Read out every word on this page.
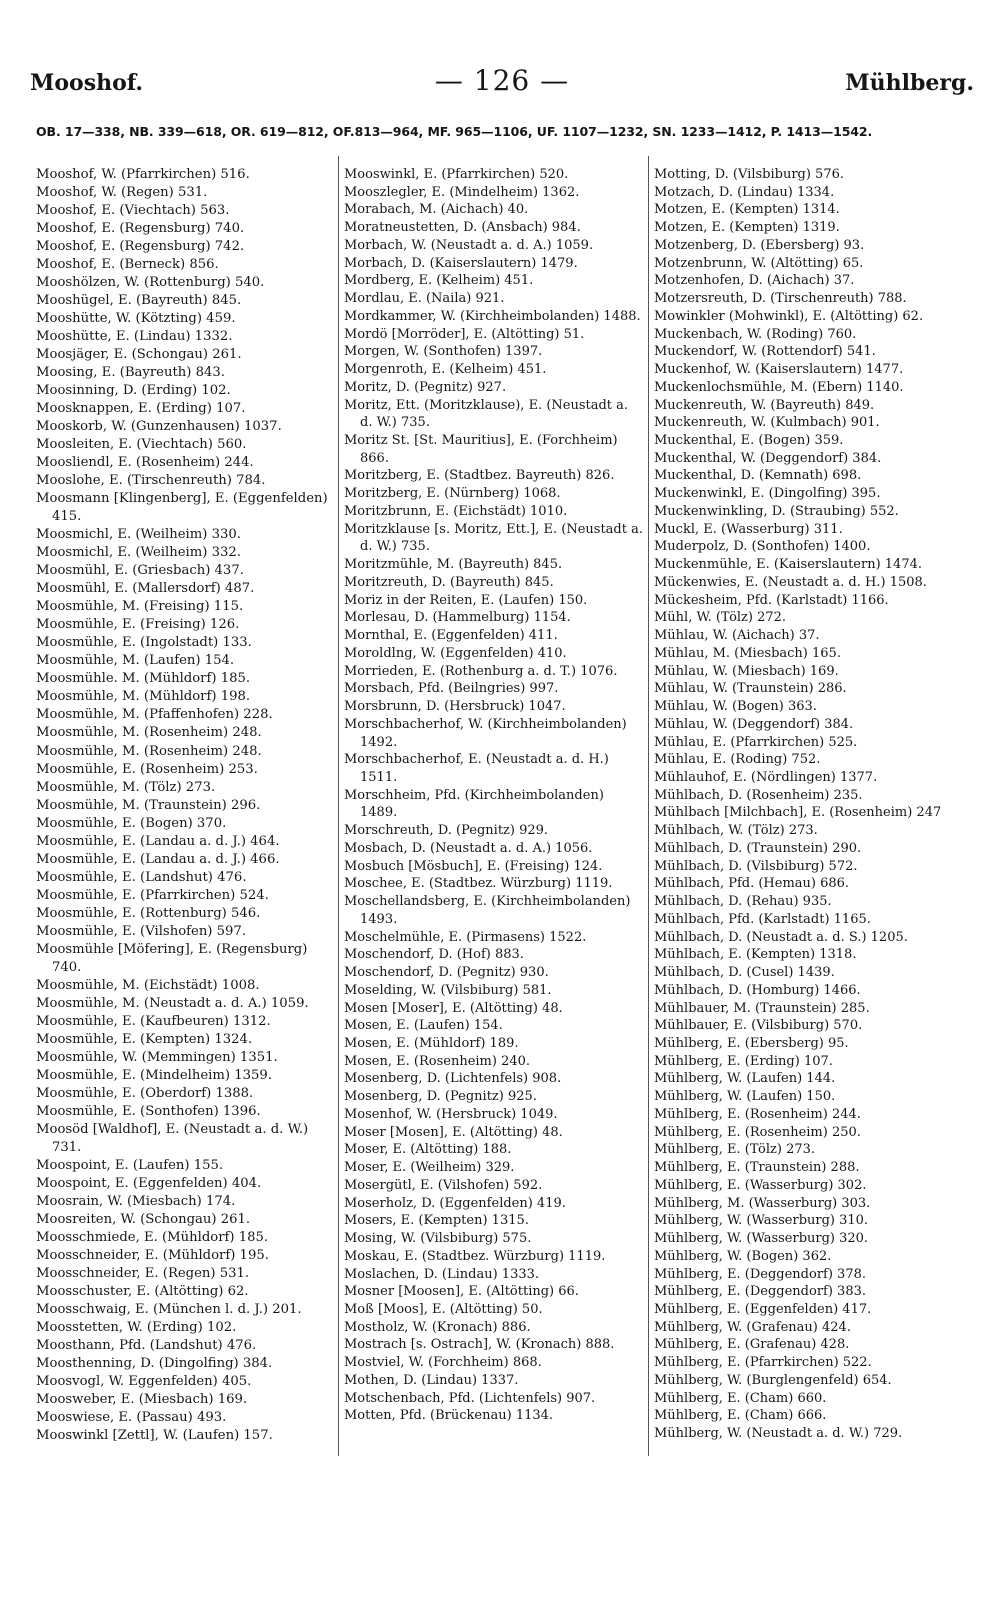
Mooshof.	— 126 —	Mühlberg.
OB. 17—338, NB. 339—618, OR. 619—812, OF.813—964, MF. 965—1106, UF. 1107—1232, SN. 1233—1412, P. 1413—1542.
Mooshof, W. (Pfarrkirchen) 516.
Mooshof, W. (Regen) 531.
Mooshof, E. (Viechtach) 563.
Mooshof, E. (Regensburg) 740.
Mooshof, E. (Regensburg) 742.
Mooshof, E. (Berneck) 856.
Mooshölzen, W. (Rottenburg) 540.
Mooshügel, E. (Bayreuth) 845.
Mooshütte, W. (Kötzting) 459.
Mooshütte, E. (Lindau) 1332.
Moosjäger, E. (Schongau) 261.
Moosing, E. (Bayreuth) 843.
Moosinning, D. (Erding) 102.
Moosknappen, E. (Erding) 107.
Mooskorb, W. (Gunzenhausen) 1037.
Moosleiten, E. (Viechtach) 560.
Moosliendl, E. (Rosenheim) 244.
Mooslohe, E. (Tirschenreuth) 784.
Moosmann [Klingenberg], E. (Eggenfelden) 415.
Moosmichl, E. (Weilheim) 330.
Moosmichl, E. (Weilheim) 332.
Moosmühl, E. (Griesbach) 437.
Moosmühl, E. (Mallersdorf) 487.
Moosmühle, M. (Freising) 115.
Moosmühle, E. (Freising) 126.
Moosmühle, E. (Ingolstadt) 133.
Moosmühle, M. (Laufen) 154.
Moosmühle. M. (Mühldorf) 185.
Moosmühle, M. (Mühldorf) 198.
Moosmühle, M. (Pfaffenhofen) 228.
Moosmühle, M. (Rosenheim) 248.
Moosmühle, M. (Rosenheim) 248.
Moosmühle, E. (Rosenheim) 253.
Moosmühle, M. (Tölz) 273.
Moosmühle, M. (Traunstein) 296.
Moosmühle, E. (Bogen) 370.
Moosmühle, E. (Landau a. d. J.) 464.
Moosmühle, E. (Landau a. d. J.) 466.
Moosmühle, E. (Landshut) 476.
Moosmühle, E. (Pfarrkirchen) 524.
Moosmühle, E. (Rottenburg) 546.
Moosmühle, E. (Vilshofen) 597.
Moosmühle [Möfering], E. (Regensburg) 740.
Moosmühle, M. (Eichstädt) 1008.
Moosmühle, M. (Neustadt a. d. A.) 1059.
Moosmühle, E. (Kaufbeuren) 1312.
Moosmühle, E. (Kempten) 1324.
Moosmühle, W. (Memmingen) 1351.
Moosmühle, E. (Mindelheim) 1359.
Moosmühle, E. (Oberdorf) 1388.
Moosmühle, E. (Sonthofen) 1396.
Moosöd [Waldhof], E. (Neustadt a. d. W.) 731.
Moospoint, E. (Laufen) 155.
Moospoint, E. (Eggenfelden) 404.
Moosrain, W. (Miesbach) 174.
Moosreiten, W. (Schongau) 261.
Moosschmiede, E. (Mühldorf) 185.
Moosschneider, E. (Mühldorf) 195.
Moosschneider, E. (Regen) 531.
Moosschuster, E. (Altötting) 62.
Moosschwaig, E. (München l. d. J.) 201.
Moosstetten, W. (Erding) 102.
Moosthann, Pfd. (Landshut) 476.
Moosthenning, D. (Dingolfing) 384.
Moosvogl, W. Eggenfelden) 405.
Moosweber, E. (Miesbach) 169.
Mooswiese, E. (Passau) 493.
Mooswinkl [Zettl], W. (Laufen) 157.
Mooswinkl, E. (Pfarrkirchen) 520.
Mooszlegler, E. (Mindelheim) 1362.
Morabach, M. (Aichach) 40.
Moratneustetten, D. (Ansbach) 984.
Morbach, W. (Neustadt a. d. A.) 1059.
Morbach, D. (Kaiserslautern) 1479.
Mordberg, E. (Kelheim) 451.
Mordlau, E. (Naila) 921.
Mordkammer, W. (Kirchheimbolanden) 1488.
Mordö [Morröder], E. (Altötting) 51.
Morgen, W. (Sonthofen) 1397.
Morgenroth, E. (Kelheim) 451.
Moritz, D. (Pegnitz) 927.
Moritz, Ett. (Moritzklause), E. (Neustadt a. d. W.) 735.
Moritz St. [St. Mauritius], E. (Forchheim) 866.
Moritzberg, E. (Stadtbez. Bayreuth) 826.
Moritzberg, E. (Nürnberg) 1068.
Moritzbrunn, E. (Eichstädt) 1010.
Moritzklause [s. Moritz, Ett.], E. (Neustadt a. d. W.) 735.
Moritzmühle, M. (Bayreuth) 845.
Moritzreuth, D. (Bayreuth) 845.
Moriz in der Reiten, E. (Laufen) 150.
Morlesau, D. (Hammelburg) 1154.
Mornthal, E. (Eggenfelden) 411.
Moroldlng, W. (Eggenfelden) 410.
Morrieden, E. (Rothenburg a. d. T.) 1076.
Morsbach, Pfd. (Beilngries) 997.
Morsbrunn, D. (Hersbruck) 1047.
Morschbacherhof, W. (Kirchheimbolanden) 1492.
Morschbacherhof, E. (Neustadt a. d. H.) 1511.
Morschheim, Pfd. (Kirchheimbolanden) 1489.
Morschreuth, D. (Pegnitz) 929.
Mosbach, D. (Neustadt a. d. A.) 1056.
Mosbuch [Mösbuch], E. (Freising) 124.
Moschee, E. (Stadtbez. Würzburg) 1119.
Moschellandsberg, E. (Kirchheimbolanden) 1493.
Moschelmühle, E. (Pirmasens) 1522.
Moschendorf, D. (Hof) 883.
Moschendorf, D. (Pegnitz) 930.
Moselding, W. (Vilsbiburg) 581.
Mosen [Moser], E. (Altötting) 48.
Mosen, E. (Laufen) 154.
Mosen, E. (Mühldorf) 189.
Mosen, E. (Rosenheim) 240.
Mosenberg, D. (Lichtenfels) 908.
Mosenberg, D. (Pegnitz) 925.
Mosenhof, W. (Hersbruck) 1049.
Moser [Mosen], E. (Altötting) 48.
Moser, E. (Altötting) 188.
Moser, E. (Weilheim) 329.
Mosergütl, E. (Vilshofen) 592.
Moserholz, D. (Eggenfelden) 419.
Mosers, E. (Kempten) 1315.
Mosing, W. (Vilsbiburg) 575.
Moskau, E. (Stadtbez. Würzburg) 1119.
Moslachen, D. (Lindau) 1333.
Mosner [Moosen], E. (Altötting) 66.
Moß [Moos], E. (Altötting) 50.
Mostholz, W. (Kronach) 886.
Mostrach [s. Ostrach], W. (Kronach) 888.
Mostviel, W. (Forchheim) 868.
Mothen, D. (Lindau) 1337.
Motschenbach, Pfd. (Lichtenfels) 907.
Motten, Pfd. (Brückenau) 1134.
Motting, D. (Vilsbiburg) 576.
Motzach, D. (Lindau) 1334.
Motzen, E. (Kempten) 1314.
Motzen, E. (Kempten) 1319.
Motzenberg, D. (Ebersberg) 93.
Motzenbrunn, W. (Altötting) 65.
Motzenhofen, D. (Aichach) 37.
Motzersreuth, D. (Tirschenreuth) 788.
Mowinkler (Mohwinkl), E. (Altötting) 62.
Muckenbach, W. (Roding) 760.
Muckendorf, W. (Rottendorf) 541.
Muckenhof, W. (Kaiserslautern) 1477.
Muckenlochsmühle, M. (Ebern) 1140.
Muckenreuth, W. (Bayreuth) 849.
Muckenreuth, W. (Kulmbach) 901.
Muckenthal, E. (Bogen) 359.
Muckenthal, W. (Deggendorf) 384.
Muckenthal, D. (Kemnath) 698.
Muckenwinkl, E. (Dingolfing) 395.
Muckenwinkling, D. (Straubing) 552.
Muckl, E. (Wasserburg) 311.
Muderpolz, D. (Sonthofen) 1400.
Muckenmühle, E. (Kaiserslautern) 1474.
Mückenwies, E. (Neustadt a. d. H.) 1508.
Mückesheim, Pfd. (Karlstadt) 1166.
Mühl, W. (Tölz) 272.
Mühlau, W. (Aichach) 37.
Mühlau, M. (Miesbach) 165.
Mühlau, W. (Miesbach) 169.
Mühlau, W. (Traunstein) 286.
Mühlau, W. (Bogen) 363.
Mühlau, W. (Deggendorf) 384.
Mühlau, E. (Pfarrkirchen) 525.
Mühlau, E. (Roding) 752.
Mühlauhof, E. (Nördlingen) 1377.
Mühlbach, D. (Rosenheim) 235.
Mühlbach [Milchbach], E. (Rosenheim) 247
Mühlbach, W. (Tölz) 273.
Mühlbach, D. (Traunstein) 290.
Mühlbach, D. (Vilsbiburg) 572.
Mühlbach, Pfd. (Hemau) 686.
Mühlbach, D. (Rehau) 935.
Mühlbach, Pfd. (Karlstadt) 1165.
Mühlbach, D. (Neustadt a. d. S.) 1205.
Mühlbach, E. (Kempten) 1318.
Mühlbach, D. (Cusel) 1439.
Mühlbach, D. (Homburg) 1466.
Mühlbauer, M. (Traunstein) 285.
Mühlbauer, E. (Vilsbiburg) 570.
Mühlberg, E. (Ebersberg) 95.
Mühlberg, E. (Erding) 107.
Mühlberg, W. (Laufen) 144.
Mühlberg, W. (Laufen) 150.
Mühlberg, E. (Rosenheim) 244.
Mühlberg, E. (Rosenheim) 250.
Mühlberg, E. (Tölz) 273.
Mühlberg, E. (Traunstein) 288.
Mühlberg, E. (Wasserburg) 302.
Mühlberg, M. (Wasserburg) 303.
Mühlberg, W. (Wasserburg) 310.
Mühlberg, W. (Wasserburg) 320.
Mühlberg, W. (Bogen) 362.
Mühlberg, E. (Deggendorf) 378.
Mühlberg, E. (Deggendorf) 383.
Mühlberg, E. (Eggenfelden) 417.
Mühlberg, W. (Grafenau) 424.
Mühlberg, E. (Grafenau) 428.
Mühlberg, E. (Pfarrkirchen) 522.
Mühlberg, W. (Burglengenfeld) 654.
Mühlberg, E. (Cham) 660.
Mühlberg, E. (Cham) 666.
Mühlberg, W. (Neustadt a. d. W.) 729.
